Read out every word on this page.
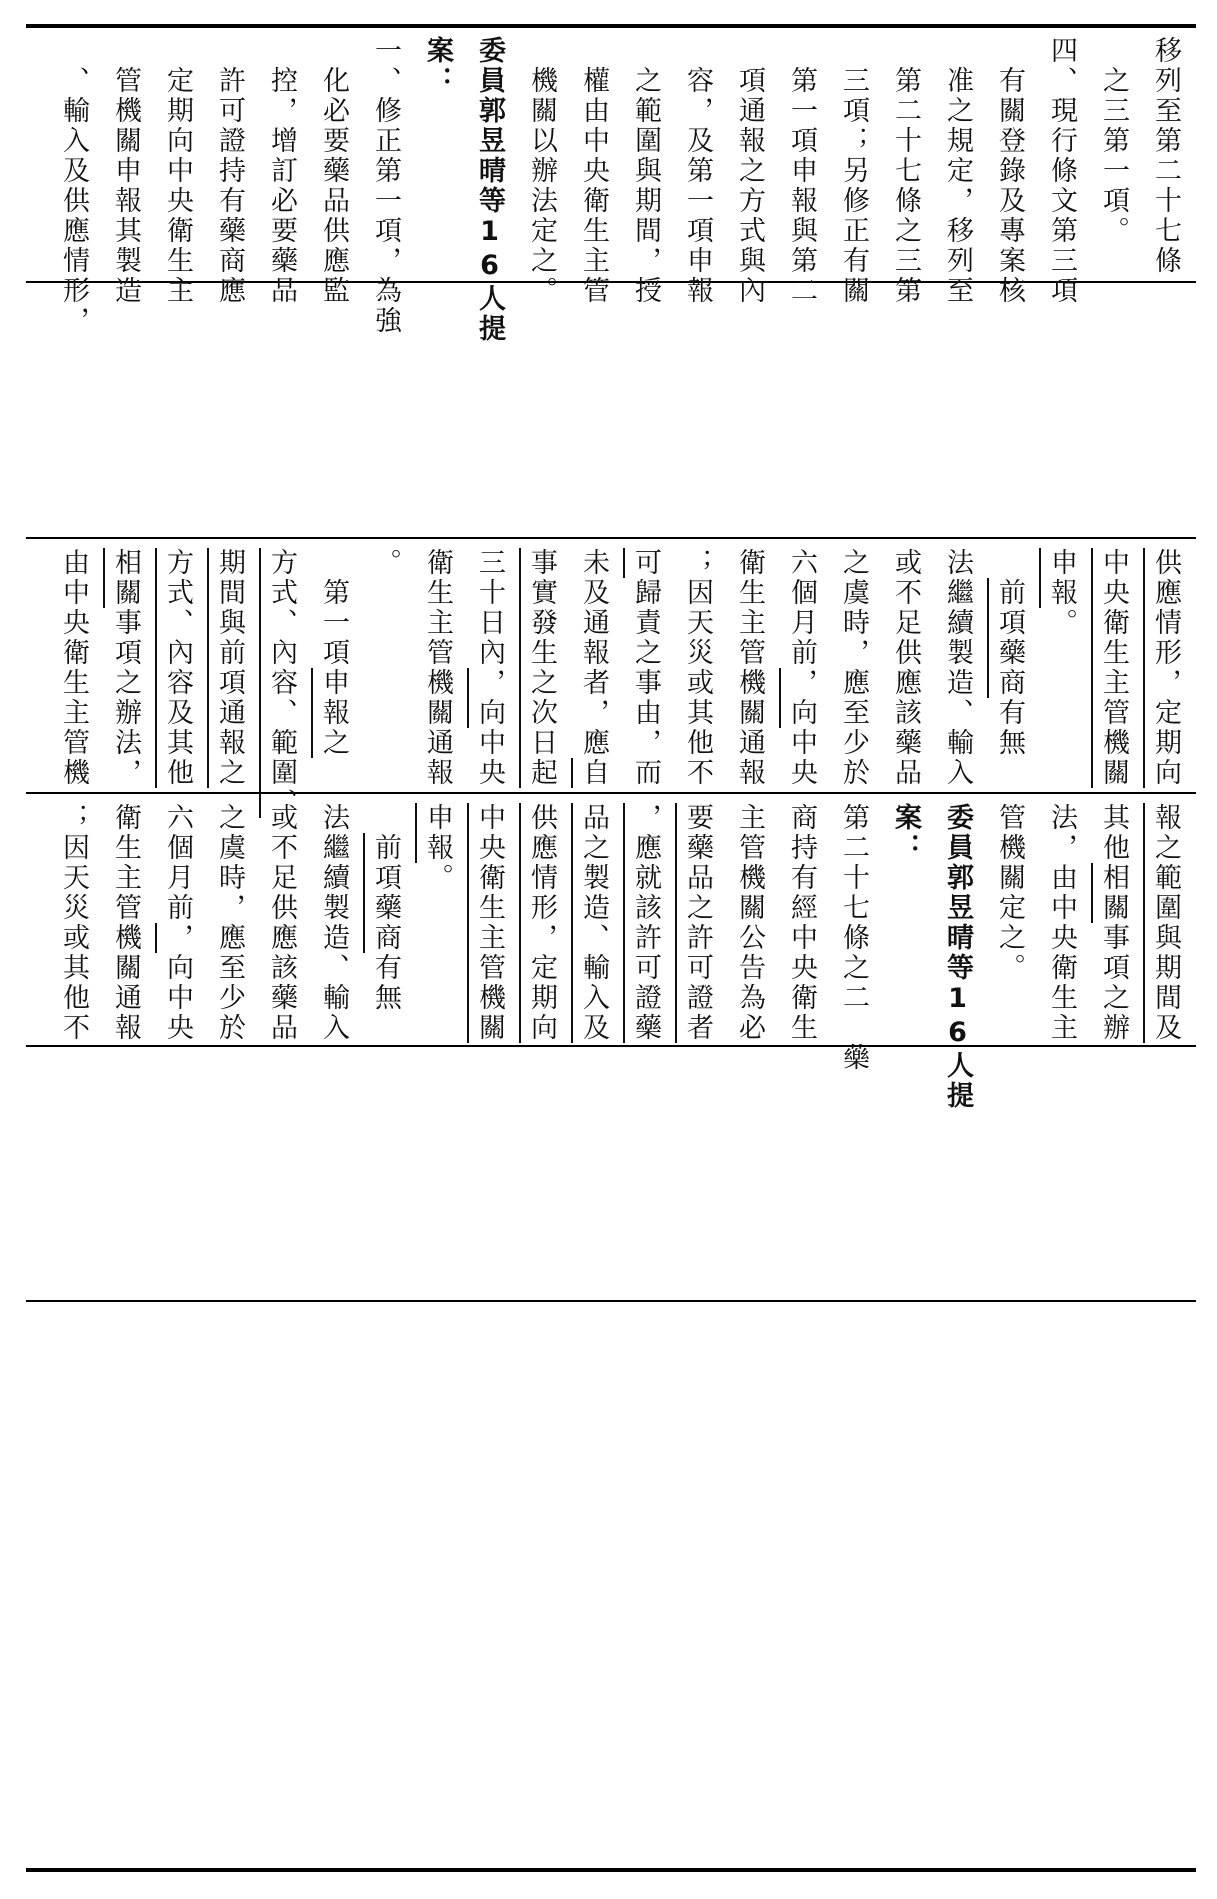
移列至第二十七條
　之三第一項。
四、現行條文第三項
　有關登錄及專案核
　准之規定，移列至
　第二十七條之三第
　三項；另修正有關
　第一項申報與第二
　項通報之方式與內
　容，及第一項申報
　之範圍與期間，授
　權由中央衛生主管
　機關以辦法定之。
委員郭昱晴等16人提
案：
一、修正第一項，為強
　化必要藥品供應監
　控，增訂必要藥品
　許可證持有藥商應
　定期向中央衛生主
　管機關申報其製造
　、輸入及供應情形，
供應情形，定期向
中央衛生主管機關
申報。
　前項藥商有無
法繼續製造、輸入
或不足供應該藥品
之虞時，應至少於
六個月前，向中央
衛生主管機關通報
；因天災或其他不
可歸責之事由，而
未及通報者，應自
事實發生之次日起
三十日內，向中央
衛生主管機關通報
。
　第一項申報之
方式、內容、範圍、
期間與前項通報之
方式、內容及其他
相關事項之辦法，
由中央衛生主管機
報之範圍與期間及
其他相關事項之辦
法，由中央衛生主
管機關定之。
委員郭昱晴等16人提
案：
第二十七條之二　藥
商持有經中央衛生
主管機關公告為必
要藥品之許可證者
，應就該許可證藥
品之製造、輸入及
供應情形，定期向
中央衛生主管機關
申報。
　前項藥商有無
法繼續製造、輸入
或不足供應該藥品
之虞時，應至少於
六個月前，向中央
衛生主管機關通報
；因天災或其他不
